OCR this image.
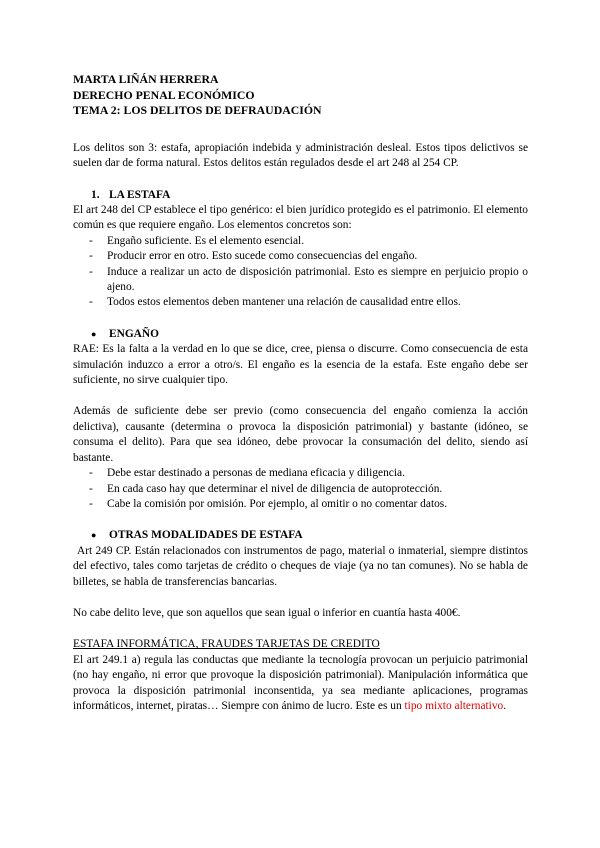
MARTA LIÑÁN HERRERA

DERECHO PENAL ECONÓMICO

TEMA 2: LOS DELITOS DE DEFRAUDACIÓN

Los delitos son 3: estafa, apropiación indebida y administración desleal. Estos tipos delictivos se suelen dar de forma natural. Estos delitos están regulados desde el art 248 al 254 CP.

1. LA ESTAFA

El art 248 del CP establece el tipo genérico: el bien jurídico protegido es el patrimonio. El elemento común es que requiere engaño. Los elementos concretos son:

-	Engaño suficiente. Es el elemento esencial.
-	Producir error en otro. Esto sucede como consecuencias del engaño.
-	Induce a realizar un acto de disposición patrimonial. Esto es siempre en perjuicio propio o ajeno.
-	Todos estos elementos deben mantener una relación de causalidad entre ellos.

●	ENGAÑO

RAE: Es la falta a la verdad en lo que se dice, cree, piensa o discurre. Como consecuencia de esta simulación induzco a error a otro/s. El engaño es la esencia de la estafa. Este engaño debe ser suficiente, no sirve cualquier tipo.

Además de suficiente debe ser previo (como consecuencia del engaño comienza la acción delictiva), causante (determina o provoca la disposición patrimonial) y bastante (idóneo, se consuma el delito). Para que sea idóneo, debe provocar la consumación del delito, siendo así bastante.

-	Debe estar destinado a personas de mediana eficacia y diligencia.
-	En cada caso hay que determinar el nivel de diligencia de autoprotección.
-	Cabe la comisión por omisión. Por ejemplo, al omitir o no comentar datos.

●	OTRAS MODALIDADES DE ESTAFA

Art 249 CP. Están relacionados con instrumentos de pago, material o inmaterial, siempre distintos del efectivo, tales como tarjetas de crédito o cheques de viaje (ya no tan comunes). No se habla de billetes, se habla de transferencias bancarias.

No cabe delito leve, que son aquellos que sean igual o inferior en cuantía hasta 400€.

ESTAFA INFORMÁTICA, FRAUDES TARJETAS DE CREDITO

El art 249.1 a) regula las conductas que mediante la tecnología provocan un perjuicio patrimonial (no hay engaño, ni error que provoque la disposición patrimonial). Manipulación informática que provoca la disposición patrimonial inconsentida, ya sea mediante aplicaciones, programas informáticos, internet, piratas… Siempre con ánimo de lucro. Este es un tipo mixto alternativo.
